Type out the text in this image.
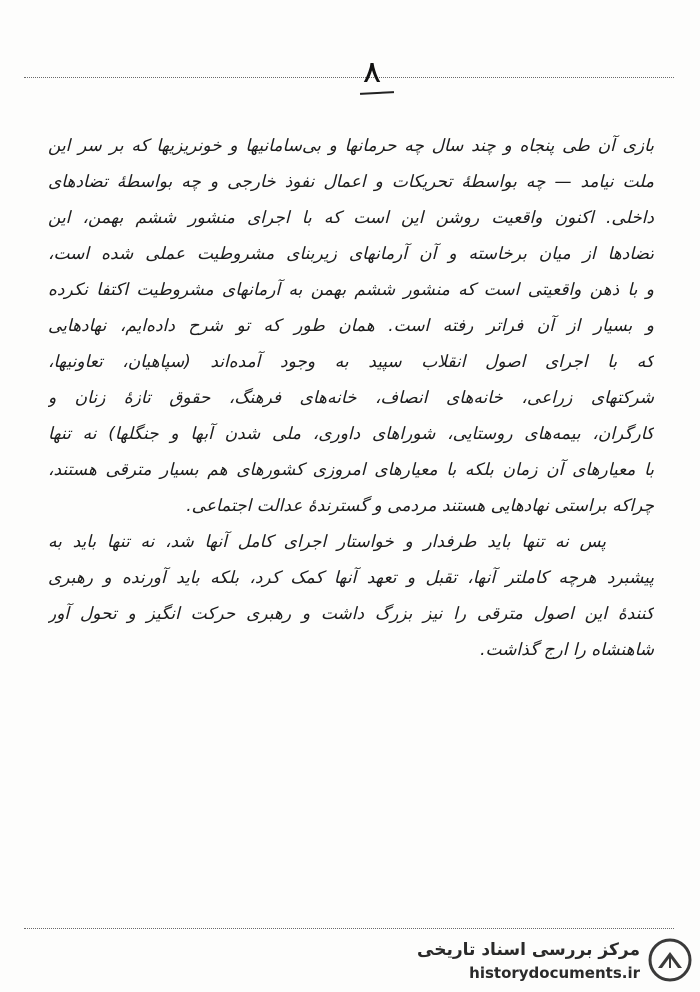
۸
بازی آن طی پنجاه و چند سال چه حرمانها و بی‌سامانیها و خونریزیها که بر سر این
ملت نیامد — چه بواسطهٔ تحریکات و اعمال نفوذ خارجی و چه بواسطهٔ تضادهای
داخلی. اکنون واقعیت روشن این است که با اجرای منشور ششم بهمن، این
تضادها از میان برخاسته و آن آرمانهای زیربنای مشروطیت عملی شده است،
و با ذهن واقعیتی است که منشور ششم بهمن به آرمانهای مشروطیت اکتفا نکرده
و بسیار از آن فراتر رفته است. همان طور که تو شرح داده‌ایم، نهادهایی
که با اجرای اصول انقلاب سپید به وجود آمده‌اند (سپاهیان، تعاونیها،
شرکتهای زراعی، خانه‌های انصاف، خانه‌های فرهنگ، حقوق تازهٔ زنان و
کارگران، بیمه‌های روستایی، شوراهای داوری، ملی شدن آبها و جنگلها) نه تنها
با معیارهای آن زمان بلکه با معیارهای امروزی کشورهای هم بسیار مترقی هستند،
چراکه براستی نهادهایی هستند مردمی و گسترندهٔ عدالت اجتماعی.
پس نه تنها باید طرفدار و خواستار اجرای کامل آنها شد، نه تنها باید به
پیشبرد هرچه کاملتر آنها، تقبل و تعهد آنها کمک کرد، بلکه باید آورنده و رهبری
کنندهٔ این اصول مترقی را نیز بزرگ داشت و رهبری حرکت انگیز و تحول آور
شاهنشاه را ارج گذاشت.
مرکز بررسی اسناد تاریخی
historydocuments.ir
